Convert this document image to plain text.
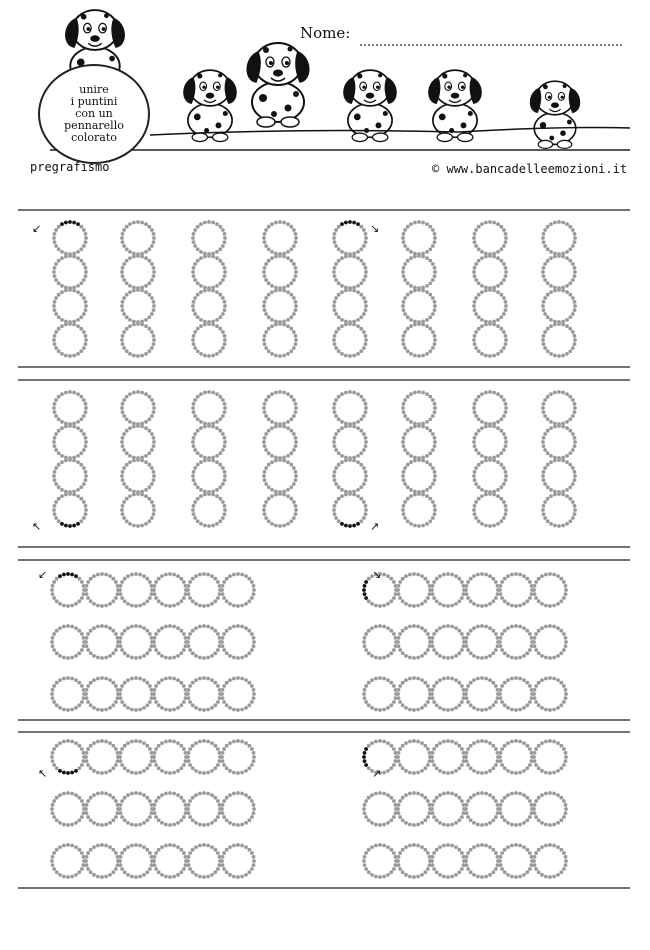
↙	↘
↖	↗
↙	↘
↖	↗
unire
i puntini
con un
pennarello
colorato
Nome:
pregrafismo	© www.bancadelleemozioni.it
